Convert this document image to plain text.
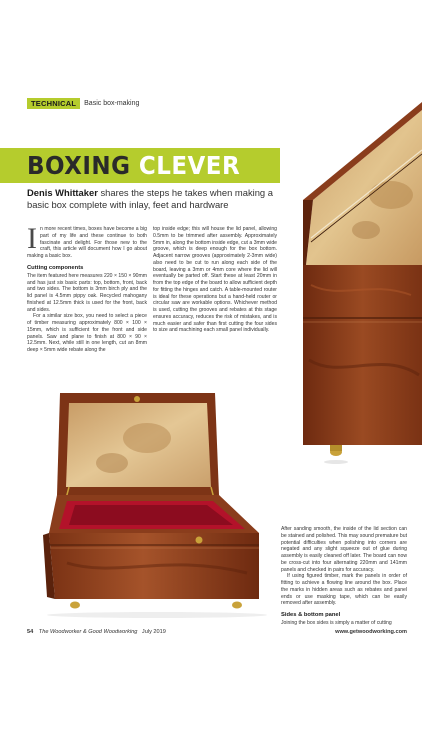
TECHNICAL	Basic box-making
BOXING CLEVER
Denis Whittaker shares the steps he takes when making a basic box complete with inlay, feet and hardware

In more recent times, boxes have become a big part of my life and these continue to both fascinate and delight. For those new to the craft, this article will document how I go about making a basic box.

Cutting components

The item featured here measures 220 × 150 × 90mm and has just six basic parts: top, bottom, front, back and two sides. The bottom is 3mm birch ply and the lid panel is 4.5mm pippy oak. Recycled mahogany finished at 12.5mm thick is used for the front, back and sides.

For a similar size box, you need to select a piece of timber measuring approximately 800 × 100 × 15mm, which is sufficient for the front and side panels. Saw and plane to finish at 800 × 90 × 12.5mm. Next, while still in one length, cut an 8mm deep × 5mm wide rebate along the

top inside edge; this will house the lid panel, allowing 0.5mm to be trimmed after assembly. Approximately 5mm in, along the bottom inside edge, cut a 3mm wide groove, which is deep enough for the box bottom. Adjacent narrow grooves (approximately 2-3mm wide) also need to be cut to run along each side of the board, leaving a 3mm or 4mm core where the lid will eventually be parted off. Start these at least 20mm in from the top edge of the board to allow sufficient depth for fitting the hinges and catch. A table-mounted router is ideal for these operations but a hand-held router or circular saw are workable options. Whichever method is used, cutting the grooves and rebates at this stage ensures accuracy, reduces the risk of mistakes, and is much easier and safer than first cutting the four sides to size and machining each small panel individually.

After sanding smooth, the inside of the lid section can be stained and polished. This may sound premature but potential difficulties when polishing into corners are negated and any slight squeeze out of glue during assembly is easily cleaned off later. The board can now be cross-cut into four alternating 220mm and 141mm panels and checked in pairs for accuracy.

If using figured timber, mark the panels in order of fitting to achieve a flowing line around the box. Place the marks in hidden areas such as rebates and panel ends or use masking tape, which can be easily removed after assembly.

Sides & bottom panel

Joining the box sides is simply a matter of cutting

54 The Woodworker & Good Woodworking July 2019	www.getwoodworking.com
